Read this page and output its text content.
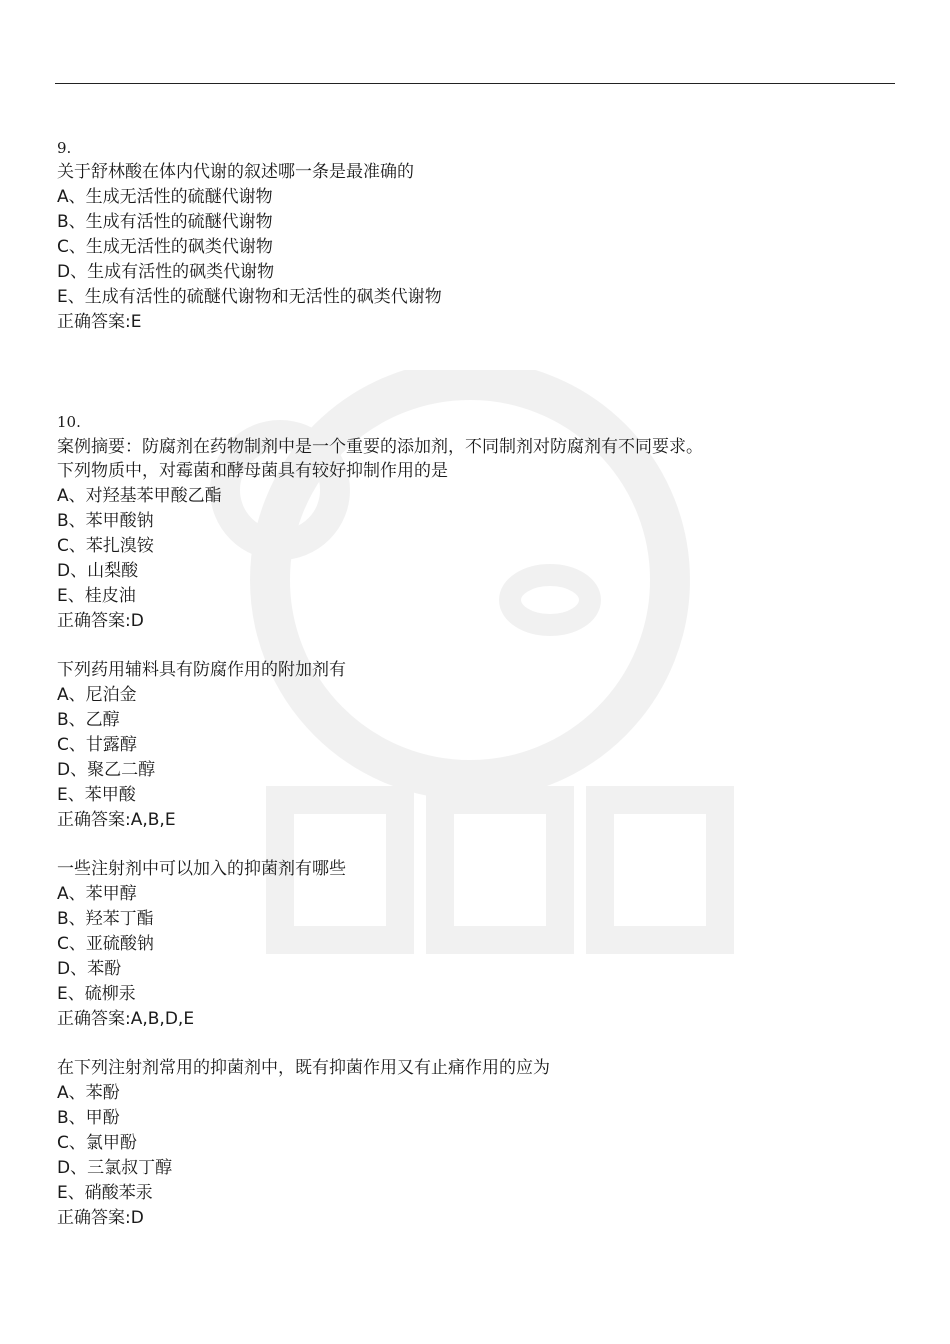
9.
关于舒林酸在体内代谢的叙述哪一条是最准确的
A、生成无活性的硫醚代谢物
B、生成有活性的硫醚代谢物
C、生成无活性的砜类代谢物
D、生成有活性的砜类代谢物
E、生成有活性的硫醚代谢物和无活性的砜类代谢物
正确答案:E
10.
案例摘要：防腐剂在药物制剂中是一个重要的添加剂，不同制剂对防腐剂有不同要求。
下列物质中，对霉菌和酵母菌具有较好抑制作用的是
A、对羟基苯甲酸乙酯
B、苯甲酸钠
C、苯扎溴铵
D、山梨酸
E、桂皮油
正确答案:D
下列药用辅料具有防腐作用的附加剂有
A、尼泊金
B、乙醇
C、甘露醇
D、聚乙二醇
E、苯甲酸
正确答案:A,B,E
一些注射剂中可以加入的抑菌剂有哪些
A、苯甲醇
B、羟苯丁酯
C、亚硫酸钠
D、苯酚
E、硫柳汞
正确答案:A,B,D,E
在下列注射剂常用的抑菌剂中，既有抑菌作用又有止痛作用的应为
A、苯酚
B、甲酚
C、氯甲酚
D、三氯叔丁醇
E、硝酸苯汞
正确答案:D
